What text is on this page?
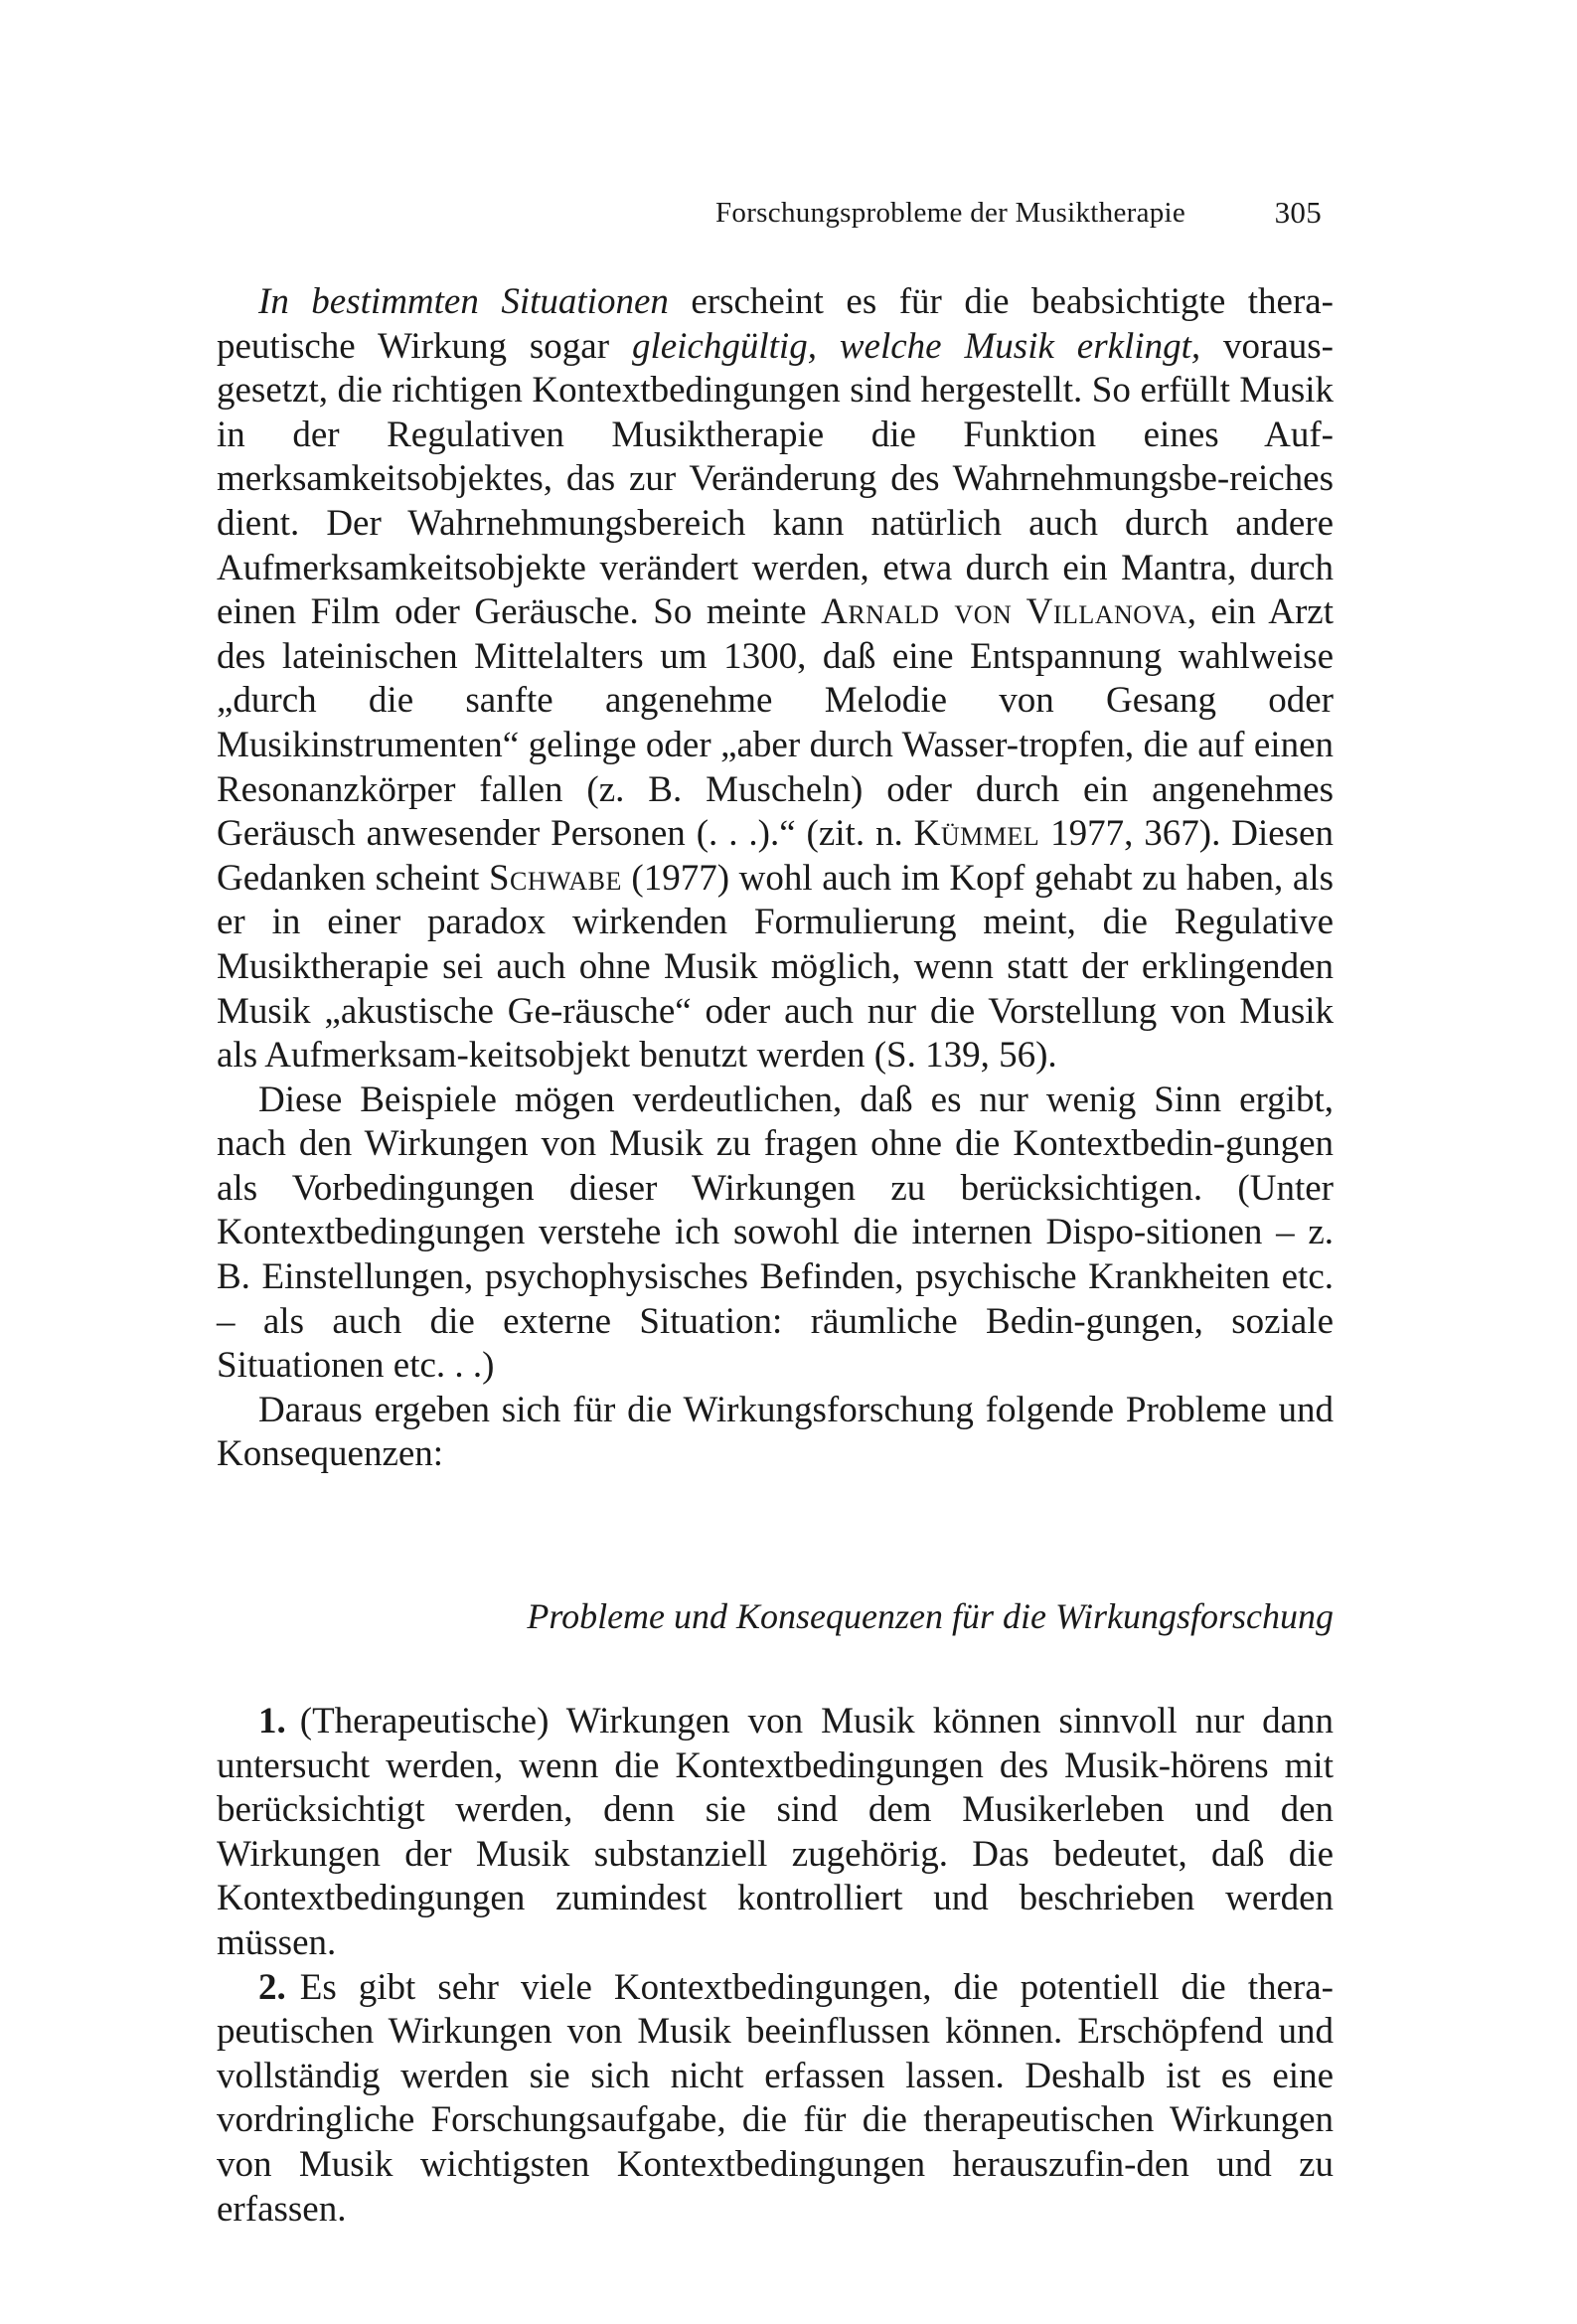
Forschungsprobleme der Musiktherapie	305

In bestimmten Situationen erscheint es für die beabsichtigte thera-peutische Wirkung sogar gleichgültig, welche Musik erklingt, voraus-gesetzt, die richtigen Kontextbedingungen sind hergestellt. So erfüllt Musik in der Regulativen Musiktherapie die Funktion eines Auf-merksamkeitsobjektes, das zur Veränderung des Wahrnehmungsbe-reiches dient. Der Wahrnehmungsbereich kann natürlich auch durch andere Aufmerksamkeitsobjekte verändert werden, etwa durch ein Mantra, durch einen Film oder Geräusche. So meinte Arnald von Villanova, ein Arzt des lateinischen Mittelalters um 1300, daß eine Entspannung wahlweise „durch die sanfte angenehme Melodie von Gesang oder Musikinstrumenten“ gelinge oder „aber durch Wasser-tropfen, die auf einen Resonanzkörper fallen (z. B. Muscheln) oder durch ein angenehmes Geräusch anwesender Personen (. . .).“ (zit. n. Kümmel 1977, 367). Diesen Gedanken scheint Schwabe (1977) wohl auch im Kopf gehabt zu haben, als er in einer paradox wirkenden Formulierung meint, die Regulative Musiktherapie sei auch ohne Musik möglich, wenn statt der erklingenden Musik „akustische Ge-räusche“ oder auch nur die Vorstellung von Musik als Aufmerksam-keitsobjekt benutzt werden (S. 139, 56).

Diese Beispiele mögen verdeutlichen, daß es nur wenig Sinn ergibt, nach den Wirkungen von Musik zu fragen ohne die Kontextbedin-gungen als Vorbedingungen dieser Wirkungen zu berücksichtigen. (Unter Kontextbedingungen verstehe ich sowohl die internen Dispo-sitionen – z. B. Einstellungen, psychophysisches Befinden, psychische Krankheiten etc. – als auch die externe Situation: räumliche Bedin-gungen, soziale Situationen etc. . .)

Daraus ergeben sich für die Wirkungsforschung folgende Probleme und Konsequenzen:

Probleme und Konsequenzen für die Wirkungsforschung

1. (Therapeutische) Wirkungen von Musik können sinnvoll nur dann untersucht werden, wenn die Kontextbedingungen des Musik-hörens mit berücksichtigt werden, denn sie sind dem Musikerleben und den Wirkungen der Musik substanziell zugehörig. Das bedeutet, daß die Kontextbedingungen zumindest kontrolliert und beschrieben werden müssen.

2. Es gibt sehr viele Kontextbedingungen, die potentiell die thera-peutischen Wirkungen von Musik beeinflussen können. Erschöpfend und vollständig werden sie sich nicht erfassen lassen. Deshalb ist es eine vordringliche Forschungsaufgabe, die für die therapeutischen Wirkungen von Musik wichtigsten Kontextbedingungen herauszufin-den und zu erfassen.
